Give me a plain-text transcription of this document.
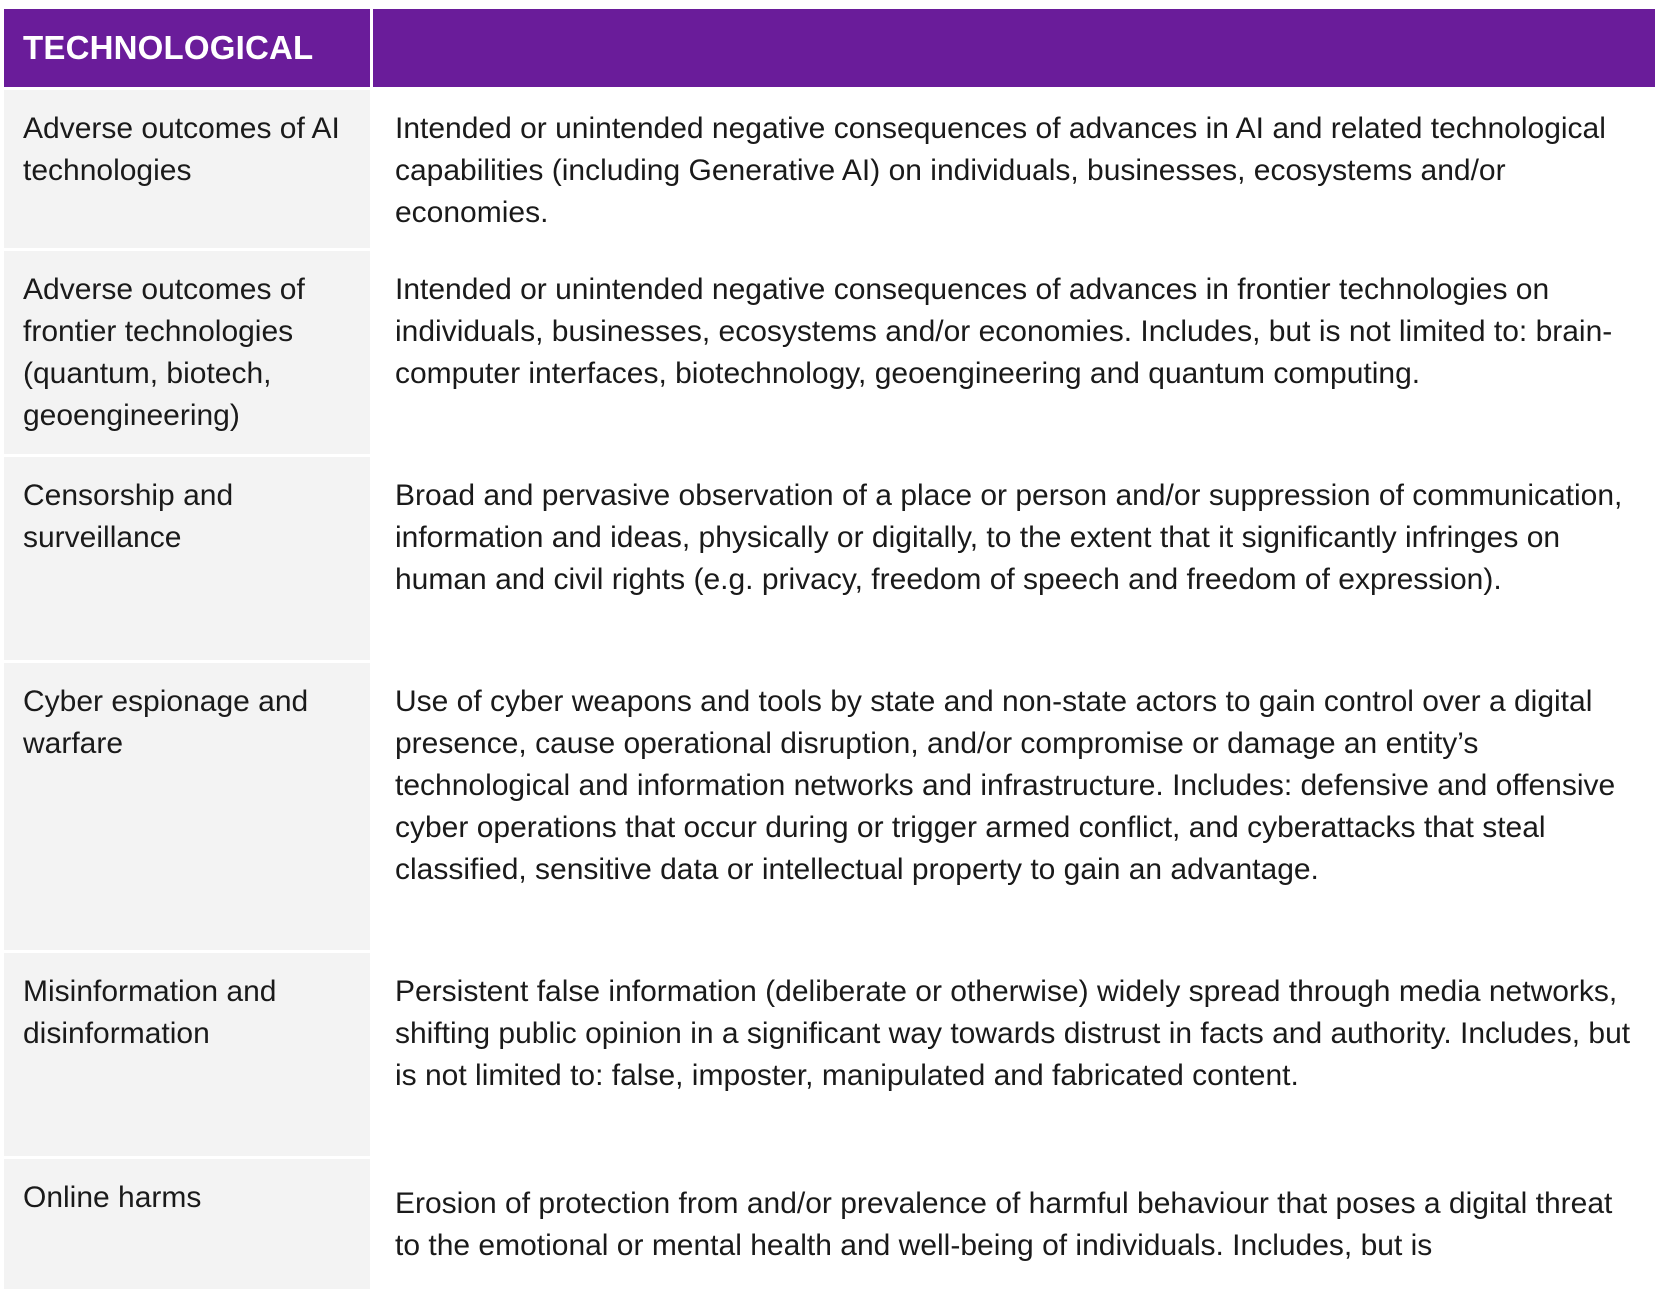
TECHNOLOGICAL
Adverse outcomes of AI technologies
Intended or unintended negative consequences of advances in AI and related technological capabilities (including Generative AI) on individuals, businesses, ecosystems and/or economies.
Adverse outcomes of frontier technologies (quantum, biotech, geoengineering)
Intended or unintended negative consequences of advances in frontier technologies on individuals, businesses, ecosystems and/or economies. Includes, but is not limited to: brain-computer interfaces, biotechnology, geoengineering and quantum computing.
Censorship and surveillance
Broad and pervasive observation of a place or person and/or suppression of communication, information and ideas, physically or digitally, to the extent that it significantly infringes on human and civil rights (e.g. privacy, freedom of speech and freedom of expression).
Cyber espionage and warfare
Use of cyber weapons and tools by state and non-state actors to gain control over a digital presence, cause operational disruption, and/or compromise or damage an entity’s technological and information networks and infrastructure. Includes: defensive and offensive cyber operations that occur during or trigger armed conflict, and cyberattacks that steal classified, sensitive data or intellectual property to gain an advantage.
Misinformation and disinformation
Persistent false information (deliberate or otherwise) widely spread through media networks, shifting public opinion in a significant way towards distrust in facts and authority. Includes, but is not limited to: false, imposter, manipulated and fabricated content.
Online harms	Erosion of protection from and/or prevalence of harmful behaviour that poses a digital threat to the emotional or mental health and well-being of individuals. Includes, but is
